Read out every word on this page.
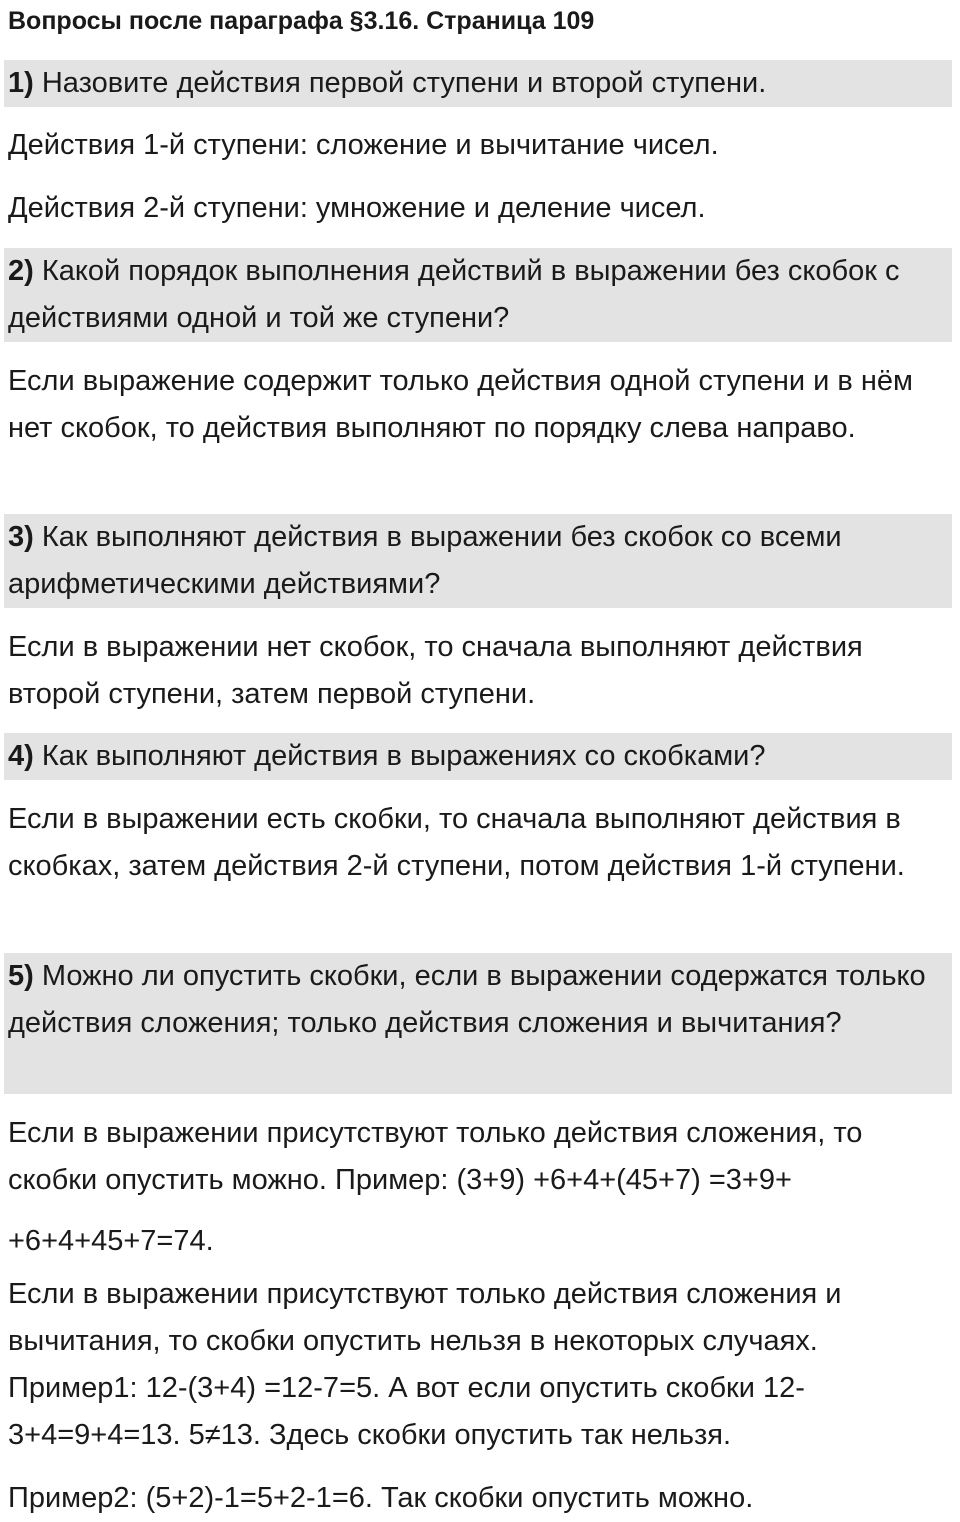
Вопросы после параграфа §3.16. Страница 109
1) Назовите действия первой ступени и второй ступени.
Действия 1-й ступени: сложение и вычитание чисел.
Действия 2-й ступени: умножение и деление чисел.
2) Какой порядок выполнения действий в выражении без скобок с действиями одной и той же ступени?
Если выражение содержит только действия одной ступени и в нём нет скобок, то действия выполняют по порядку слева направо.
3) Как выполняют действия в выражении без скобок со всеми арифметическими действиями?
Если в выражении нет скобок, то сначала выполняют действия второй ступени, затем первой ступени.
4) Как выполняют действия в выражениях со скобками?
Если в выражении есть скобки, то сначала выполняют действия в скобках, затем действия 2-й ступени, потом действия 1-й ступени.
5) Можно ли опустить скобки, если в выражении содержатся только действия сложения; только действия сложения и вычитания?
Если в выражении присутствуют только действия сложения, то скобки опустить можно. Пример: (3+9) +6+4+(45+7) =3+9+
+6+4+45+7=74.
Если в выражении присутствуют только действия сложения и вычитания, то скобки опустить нельзя в некоторых случаях. Пример1: 12-(3+4) =12-7=5. А вот если опустить скобки 12-3+4=9+4=13. 5≠13. Здесь скобки опустить так нельзя.
Пример2: (5+2)-1=5+2-1=6. Так скобки опустить можно.
